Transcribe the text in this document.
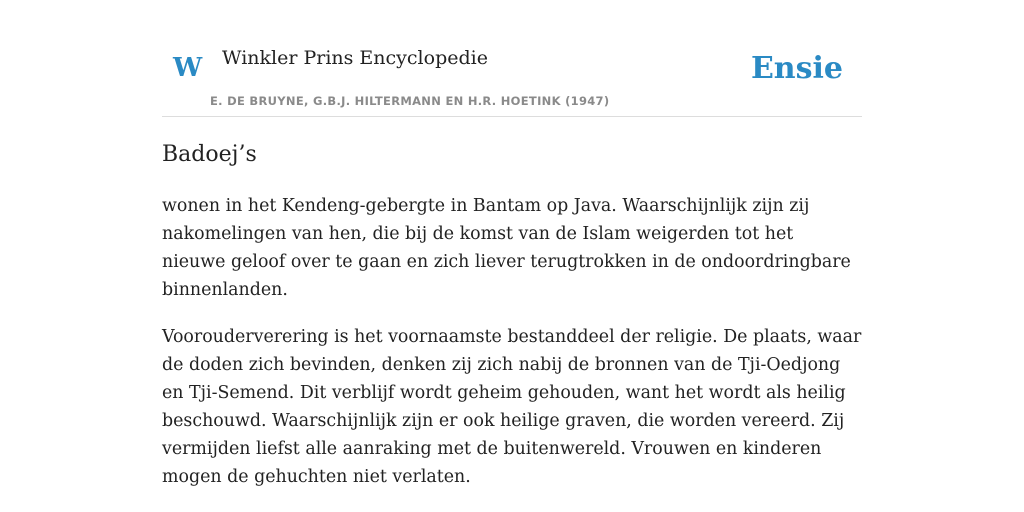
W Winkler Prins Encyclopedie
E. DE BRUYNE, G.B.J. HILTERMANN EN H.R. HOETINK (1947)
Ensie
Badoej’s

wonen in het Kendeng-gebergte in Bantam op Java. Waarschijnlijk zijn zij nakomelingen van hen, die bij de komst van de Islam weigerden tot het nieuwe geloof over te gaan en zich liever terugtrokken in de ondoordringbare binnenlanden.

Voorouderverering is het voornaamste bestanddeel der religie. De plaats, waar de doden zich bevinden, denken zij zich nabij de bronnen van de Tji-Oedjong en Tji-Semend. Dit verblijf wordt geheim gehouden, want het wordt als heilig beschouwd. Waarschijnlijk zijn er ook heilige graven, die worden vereerd. Zij vermijden liefst alle aanraking met de buitenwereld. Vrouwen en kinderen mogen de gehuchten niet verlaten.
